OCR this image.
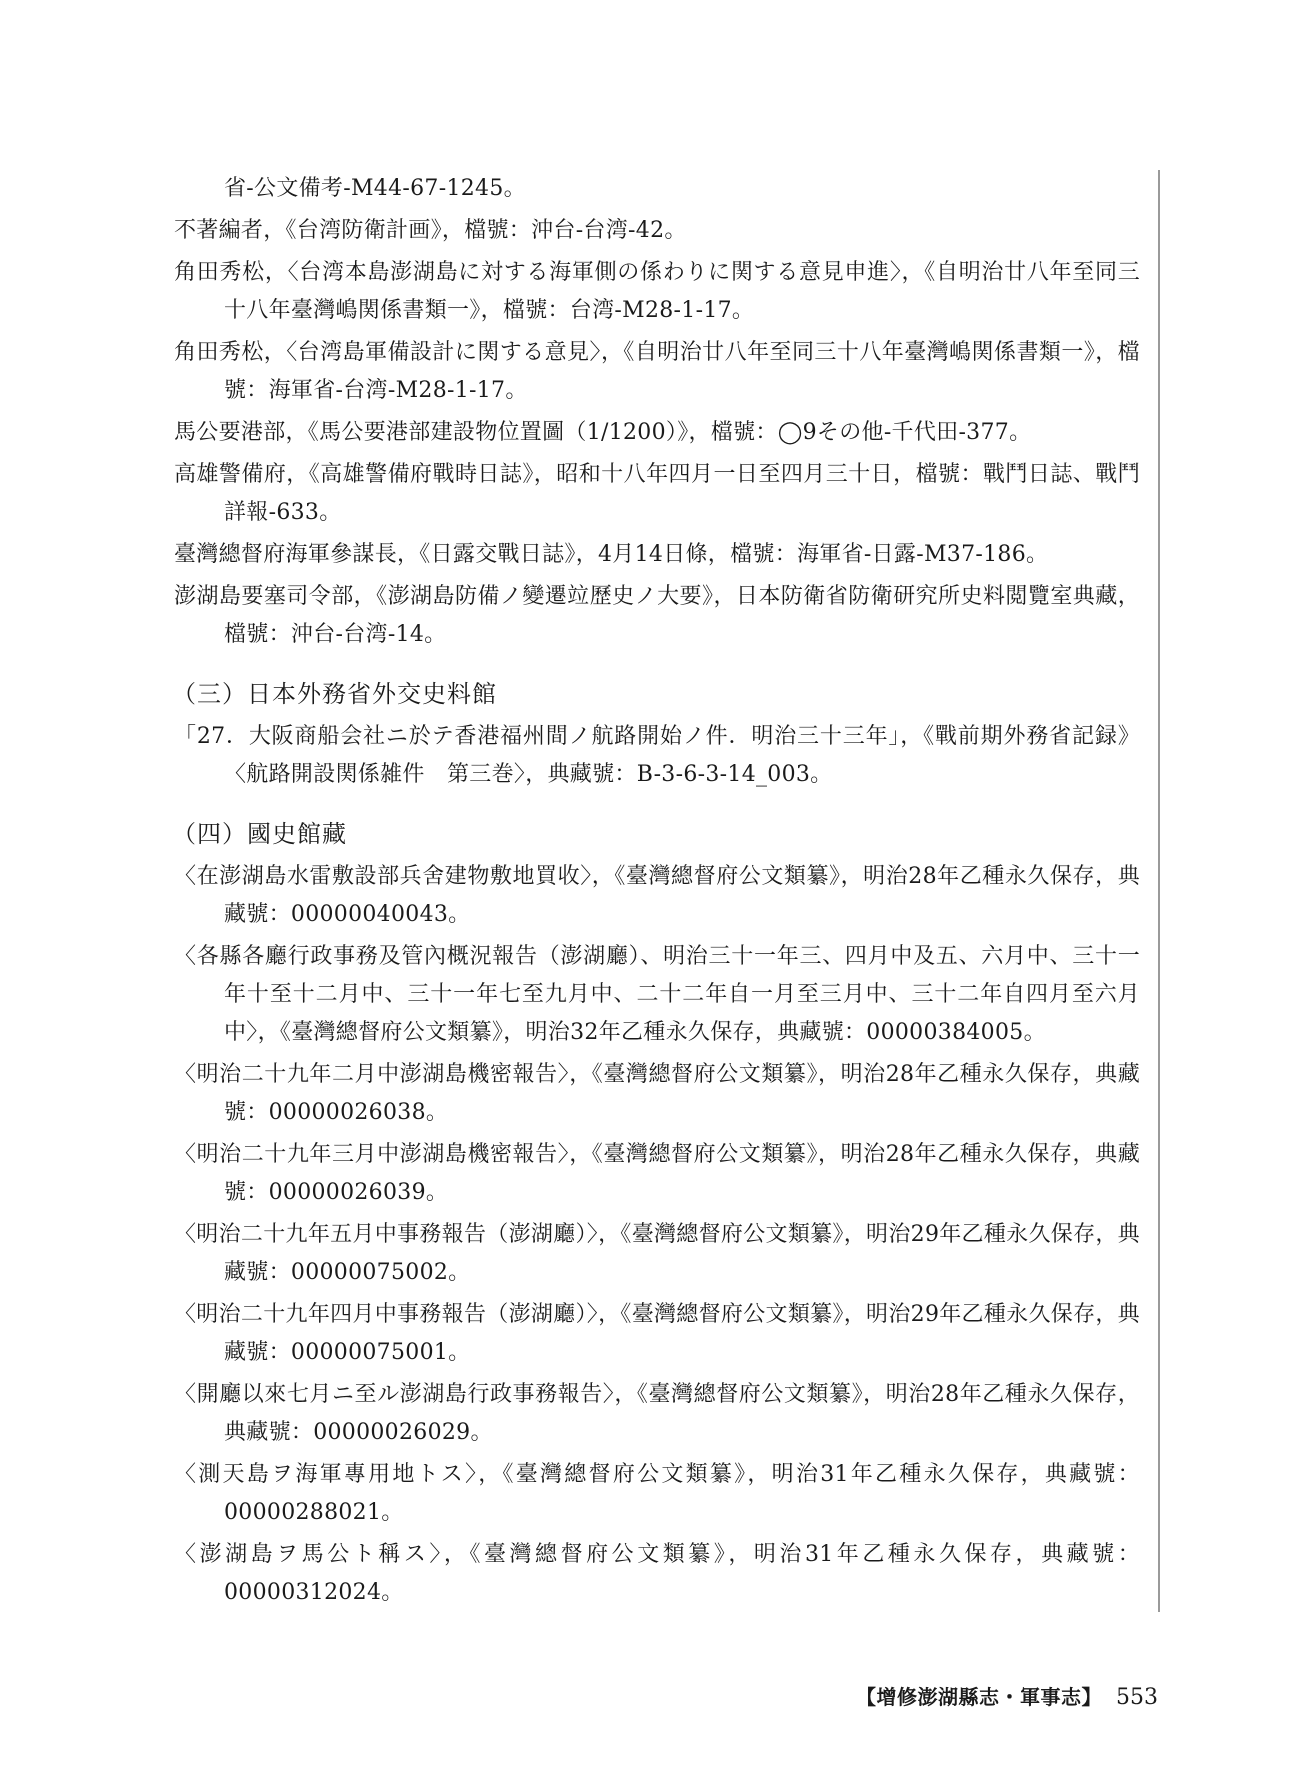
省-公文備考-M44-67-1245。

不著編者，《台湾防衛計画》，檔號：沖台-台湾-42。

角田秀松，〈台湾本島澎湖島に対する海軍側の係わりに関する意見申進〉，《自明治廿八年至同三十八年臺灣嶋関係書類一》，檔號：台湾-M28-1-17。

角田秀松，〈台湾島軍備設計に関する意見〉，《自明治廿八年至同三十八年臺灣嶋関係書類一》，檔號：海軍省-台湾-M28-1-17。

馬公要港部，《馬公要港部建設物位置圖（1/1200）》，檔號：◯9その他-千代田-377。

高雄警備府，《高雄警備府戰時日誌》，昭和十八年四月一日至四月三十日，檔號：戰鬥日誌、戰鬥詳報-633。

臺灣總督府海軍參謀長，《日露交戰日誌》，4月14日條，檔號：海軍省-日露-M37-186。

澎湖島要塞司令部，《澎湖島防備ノ變遷竝歷史ノ大要》，日本防衛省防衛研究所史料閲覽室典藏，檔號：沖台-台湾-14。

（三）日本外務省外交史料館

「27．大阪商船会社ニ於テ香港福州間ノ航路開始ノ件．明治三十三年」，《戰前期外務省記録》〈航路開設関係雑件　第三巻〉，典藏號：B-3-6-3-14_003。

（四）國史館藏

〈在澎湖島水雷敷設部兵舍建物敷地買收〉，《臺灣總督府公文類纂》，明治28年乙種永久保存，典藏號：00000040043。

〈各縣各廳行政事務及管內概況報告（澎湖廳）、明治三十一年三、四月中及五、六月中、三十一年十至十二月中、三十一年七至九月中、二十二年自一月至三月中、三十二年自四月至六月中〉，《臺灣總督府公文類纂》，明治32年乙種永久保存，典藏號：00000384005。

〈明治二十九年二月中澎湖島機密報告〉，《臺灣總督府公文類纂》，明治28年乙種永久保存，典藏號：00000026038。

〈明治二十九年三月中澎湖島機密報告〉，《臺灣總督府公文類纂》，明治28年乙種永久保存，典藏號：00000026039。

〈明治二十九年五月中事務報告（澎湖廳）〉，《臺灣總督府公文類纂》，明治29年乙種永久保存，典藏號：00000075002。

〈明治二十九年四月中事務報告（澎湖廳）〉，《臺灣總督府公文類纂》，明治29年乙種永久保存，典藏號：00000075001。

〈開廳以來七月ニ至ル澎湖島行政事務報告〉，《臺灣總督府公文類纂》，明治28年乙種永久保存，典藏號：00000026029。

〈測天島ヲ海軍專用地トス〉，《臺灣總督府公文類纂》，明治31年乙種永久保存，典藏號：00000288021。

〈澎湖島ヲ馬公ト稱ス〉，《臺灣總督府公文類纂》，明治31年乙種永久保存，典藏號：00000312024。

【增修澎湖縣志・軍事志】 553
